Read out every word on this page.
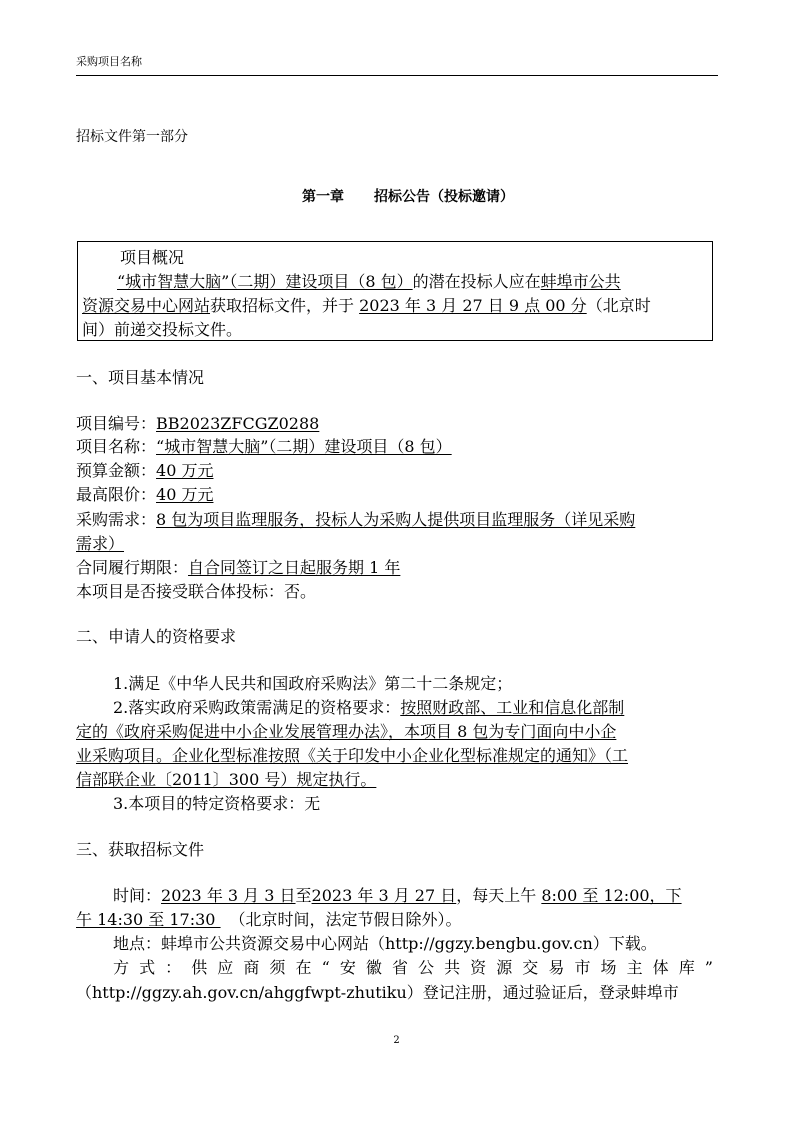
采购项目名称
招标文件第一部分
第一章 招标公告（投标邀请）
项目概况
“城市智慧大脑”（二期）建设项目（8 包）的潜在投标人应在蚌埠市公共
资源交易中心网站获取招标文件，并于 2023 年 3 月 27 日 9 点 00 分（北京时
间）前递交投标文件。
一、项目基本情况
项目编号：BB2023ZFCGZ0288
项目名称：“城市智慧大脑”（二期）建设项目（8 包）
预算金额：40 万元
最高限价：40 万元
采购需求：8 包为项目监理服务，投标人为采购人提供项目监理服务（详见采购
需求）
合同履行期限：自合同签订之日起服务期 1 年
本项目是否接受联合体投标：否。
二、申请人的资格要求
1.满足《中华人民共和国政府采购法》第二十二条规定；
2.落实政府采购政策需满足的资格要求：按照财政部、工业和信息化部制
定的《政府采购促进中小企业发展管理办法》，本项目 8 包为专门面向中小企
业采购项目。企业化型标准按照《关于印发中小企业化型标准规定的通知》（工
信部联企业〔2011〕300 号）规定执行。
3.本项目的特定资格要求：无
三、获取招标文件
时间：2023 年 3 月 3 日至2023 年 3 月 27 日，每天上午 8:00 至 12:00，下
午 14:30 至 17:30 （北京时间，法定节假日除外）。
地点：蚌埠市公共资源交易中心网站（http://ggzy.bengbu.gov.cn）下载。
方式：供应商须在“安徽省公共资源交易市场主体库”
（http://ggzy.ah.gov.cn/ahggfwpt-zhutiku）登记注册，通过验证后，登录蚌埠市
2
